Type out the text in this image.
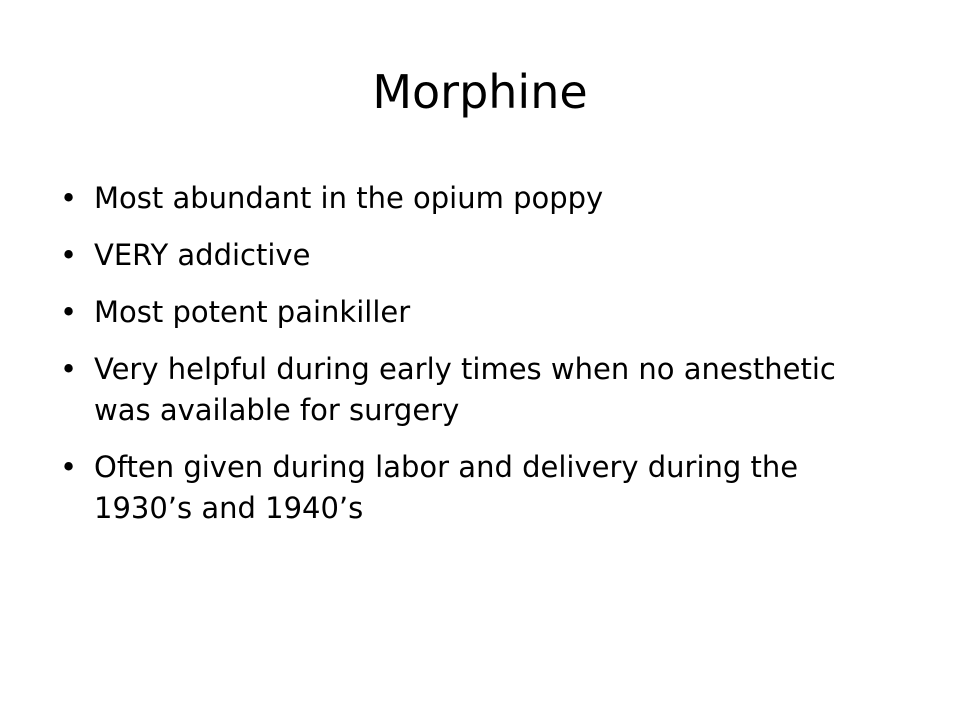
Morphine
• Most abundant in the opium poppy
• VERY addictive
• Most potent painkiller
• Very helpful during early times when no anesthetic was available for surgery
• Often given during labor and delivery during the 1930’s and 1940’s
